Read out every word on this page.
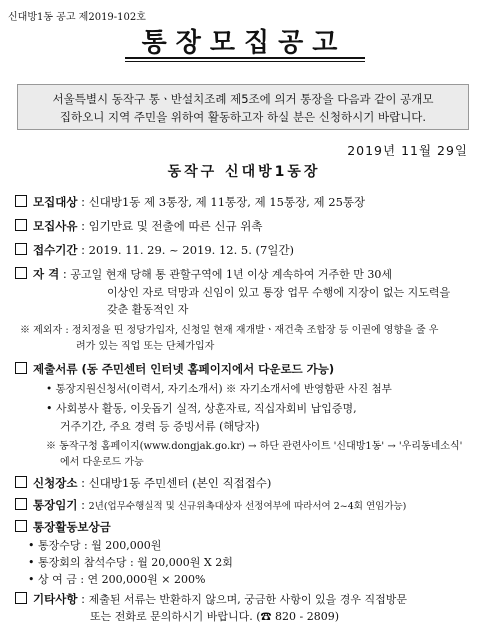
신대방1동 공고 제2019-102호
통장모집공고
서울특별시 동작구 통ㆍ반설치조례 제5조에 의거 통장을 다음과 같이 공개모
집하오니 지역 주민을 위하여 활동하고자 하실 분은 신청하시기 바랍니다.
2019년 11월 29일
동작구 신대방1동장
모집대상 : 신대방1동 제 3통장, 제 11통장, 제 15통장, 제 25통장
모집사유 : 임기만료 및 전출에 따른 신규 위촉
접수기간 : 2019. 11. 29. ~ 2019. 12. 5. (7일간)
자 격 : 공고일 현재 당해 통 관할구역에 1년 이상 계속하여 거주한 만 30세
이상인 자로 덕망과 신임이 있고 통장 업무 수행에 지장이 없는 지도력을
갖춘 활동적인 자
※ 제외자 : 정치정을 띤 정당가입자, 신청일 현재 재개발ㆍ재건축 조합장 등 이권에 영향을 줄 우
려가 있는 직업 또는 단체가입자
제출서류 (동 주민센터 인터넷 홈페이지에서 다운로드 가능)
• 통장지원신청서(이력서, 자기소개서) ※ 자기소개서에 반영함판 사진 첨부
• 사회봉사 활동, 이웃돕기 실적, 상훈자료, 직십자회비 납입증명,
거주기간, 주요 경력 등 증빙서류 (해당자)
※ 동작구청 홈페이지(www.dongjak.go.kr) → 하단 관련사이트 '신대방1동' → '우리동네소식'
에서 다운로드 가능
신청장소 : 신대방1동 주민센터 (본인 직접접수)
통장임기 : 2년(업무수행실적 및 신규위촉대상자 선정여부에 따라서여 2~4회 연임가능)
통장활동보상금
• 통장수당 : 월 200,000원
• 통장회의 참석수당 : 월 20,000원 X 2회
• 상 여 금 : 연 200,000원 × 200%
기타사항 : 제출된 서류는 반환하지 않으며, 궁금한 사항이 있을 경우 직접방문
또는 전화로 문의하시기 바랍니다. (☎ 820 - 2809)
